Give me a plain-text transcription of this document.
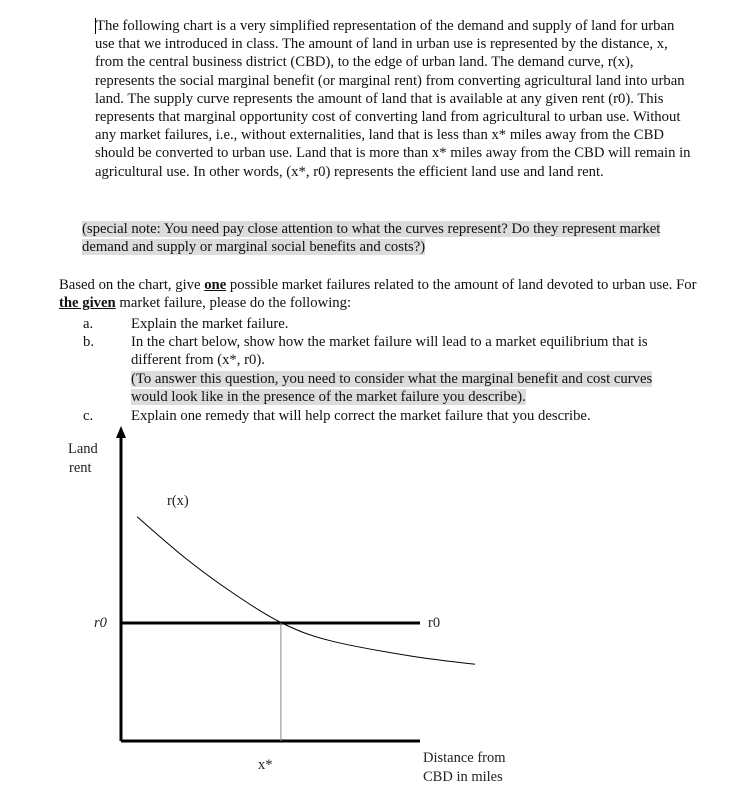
The following chart is a very simplified representation of the demand and supply of land for urban use that we introduced in class. The amount of land in urban use is represented by the distance, x, from the central business district (CBD), to the edge of urban land. The demand curve, r(x), represents the social marginal benefit (or marginal rent) from converting agricultural land into urban land. The supply curve represents the amount of land that is available at any given rent (r0). This represents that marginal opportunity cost of converting land from agricultural to urban use. Without any market failures, i.e., without externalities, land that is less than x* miles away from the CBD should be converted to urban use. Land that is more than x* miles away from the CBD will remain in agricultural use. In other words, (x*, r0) represents the efficient land use and land rent.
(special note: You need pay close attention to what the curves represent? Do they represent market demand and supply or marginal social benefits and costs?)
Based on the chart, give one possible market failures related to the amount of land devoted to urban use. For the given market failure, please do the following:
a.	Explain the market failure.
b.	In the chart below, show how the market failure will lead to a market equilibrium that is different from (x*, r0).
(To answer this question, you need to consider what the marginal benefit and cost curves would look like in the presence of the market failure you describe).
c.	Explain one remedy that will help correct the market failure that you describe.
Land
rent
r(x)
r0	r0
x*	Distance from
CBD in miles
